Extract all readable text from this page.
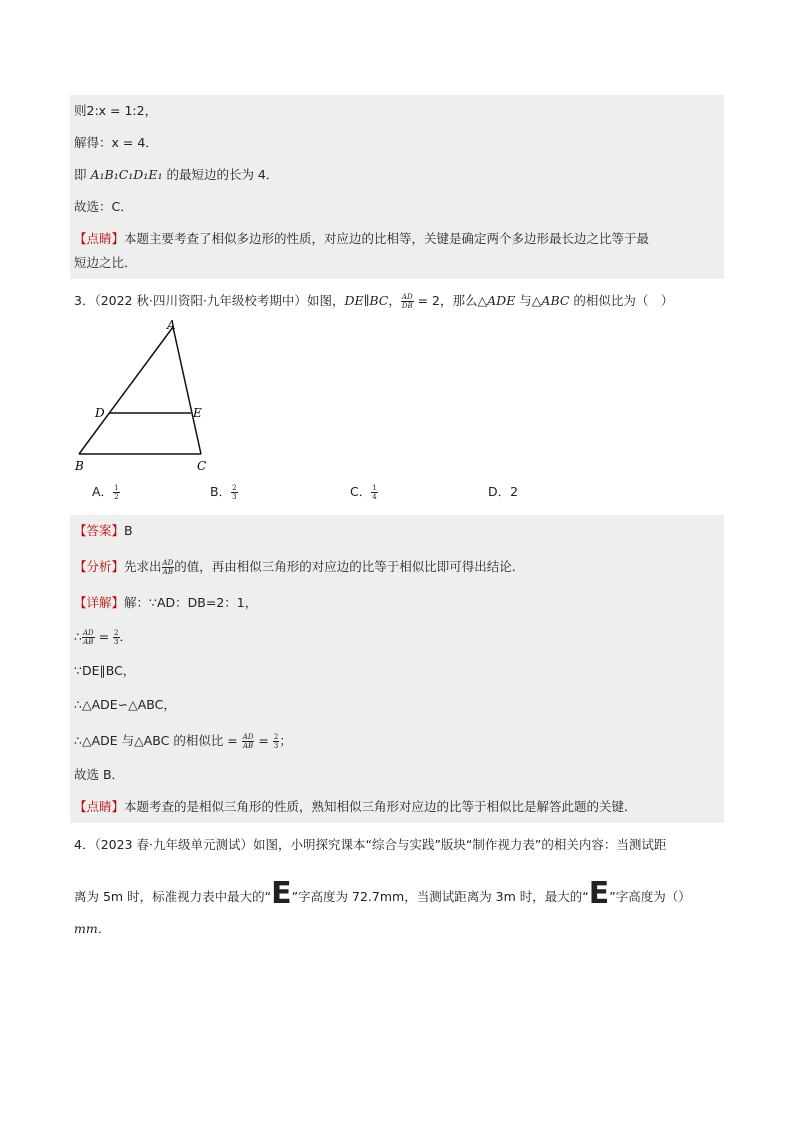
则2:x = 1:2，
解得：x = 4．
即 A₁B₁C₁D₁E₁ 的最短边的长为 4．
故选：C．
【点睛】本题主要考查了相似多边形的性质，对应边的比相等，关键是确定两个多边形最长边之比等于最
短边之比．
3．（2022 秋·四川资阳·九年级校考期中）如图，DE∥BC， $\frac{AD}{DB} = 2$，那么△ADE 与△ABC 的相似比为（　）
A
D	E
B	C
A． $\frac{1}{2}$	B． $\frac{2}{3}$	C． $\frac{1}{4}$	D．2
【答案】B
【分析】先求出 $\frac{AD}{AB}$ 的值，再由相似三角形的对应边的比等于相似比即可得出结论．
【详解】解：∵AD：DB=2：1，
∴ $\frac{AD}{AB} = \frac{2}{3}$ ．
∵DE∥BC，
∴△ADE∽△ABC，
∴△ADE 与△ABC 的相似比 = $\frac{AD}{AB} = \frac{2}{3}$ ；
故选 B．
【点睛】本题考查的是相似三角形的性质，熟知相似三角形对应边的比等于相似比是解答此题的关键．
4．（2023 春·九年级单元测试）如图，小明探究课本“综合与实践”版块“制作视力表”的相关内容：当测试距
离为 5m 时，标准视力表中最大的“E”字高度为 72.7mm，当测试距离为 3m 时，最大的“E”字高度为（）
mm．
